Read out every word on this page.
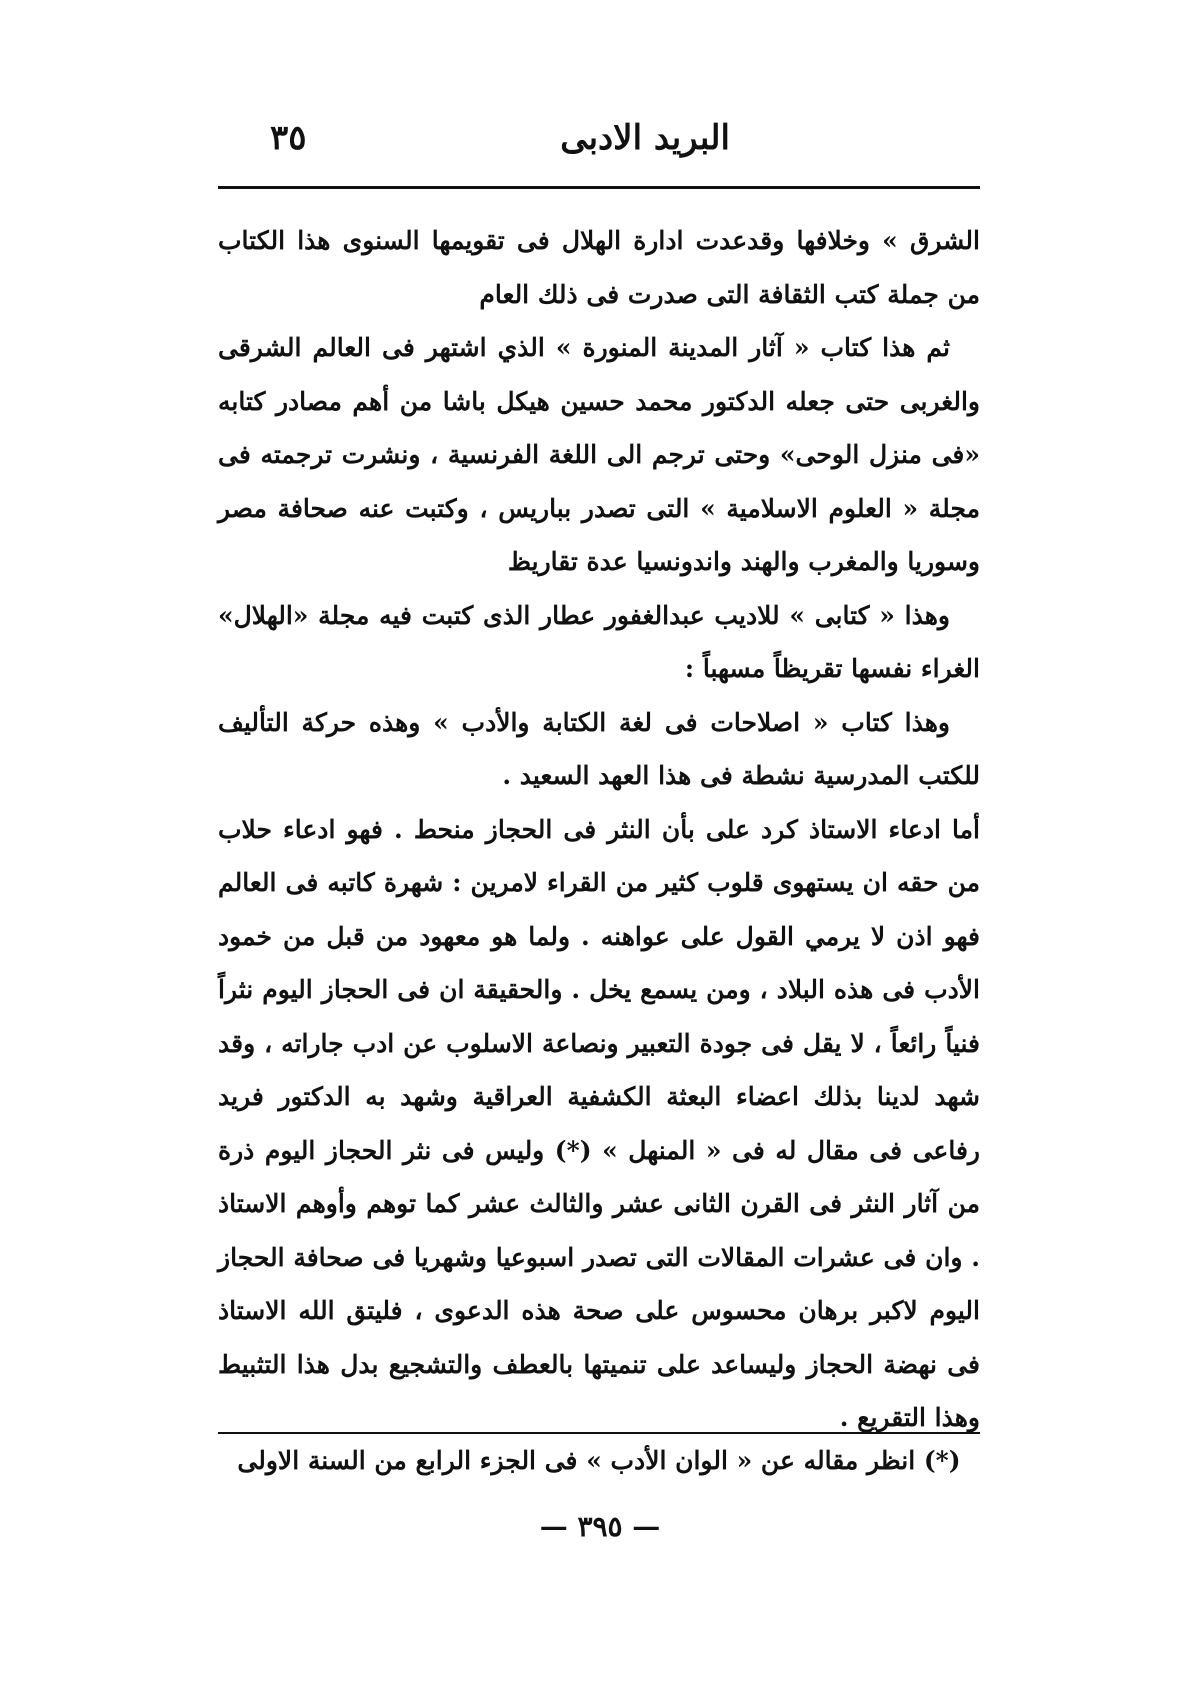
البريد الادبى
٣٥

الشرق » وخلافها وقدعدت ادارة الهلال فى تقويمها السنوى هذا الكتاب من جملة كتب الثقافة التى صدرت فى ذلك العام

ثم هذا كتاب « آثار المدينة المنورة » الذي اشتهر فى العالم الشرقى والغربى حتى جعله الدكتور محمد حسين هيكل باشا من أهم مصادر كتابه «فى منزل الوحى» وحتى ترجم الى اللغة الفرنسية ، ونشرت ترجمته فى مجلة « العلوم الاسلامية » التى تصدر بباريس ، وكتبت عنه صحافة مصر وسوريا والمغرب والهند واندونسيا عدة تقاريظ

وهذا « كتابى » للاديب عبدالغفور عطار الذى كتبت فيه مجلة «الهلال» الغراء نفسها تقريظاً مسهباً :

وهذا كتاب « اصلاحات فى لغة الكتابة والأدب » وهذه حركة التأليف للكتب المدرسية نشطة فى هذا العهد السعيد .

أما ادعاء الاستاذ كرد على بأن النثر فى الحجاز منحط . فهو ادعاء حلاب من حقه ان يستهوى قلوب كثير من القراء لامرين : شهرة كاتبه فى العالم فهو اذن لا يرمي القول على عواهنه . ولما هو معهود من قبل من خمود الأدب فى هذه البلاد ، ومن يسمع يخل . والحقيقة ان فى الحجاز اليوم نثراً فنياً رائعاً ، لا يقل فى جودة التعبير ونصاعة الاسلوب عن ادب جاراته ، وقد شهد لدينا بذلك اعضاء البعثة الكشفية العراقية وشهد به الدكتور فريد رفاعى فى مقال له فى « المنهل » (*) وليس فى نثر الحجاز اليوم ذرة من آثار النثر فى القرن الثانى عشر والثالث عشر كما توهم وأوهم الاستاذ . وان فى عشرات المقالات التى تصدر اسبوعيا وشهريا فى صحافة الحجاز اليوم لاكبر برهان محسوس على صحة هذه الدعوى ، فليتق الله الاستاذ فى نهضة الحجاز وليساعد على تنميتها بالعطف والتشجيع بدل هذا التثبيط وهذا التقريع .

(*) انظر مقاله عن « الوان الأدب » فى الجزء الرابع من السنة الاولى
— ٣٩٥ —
